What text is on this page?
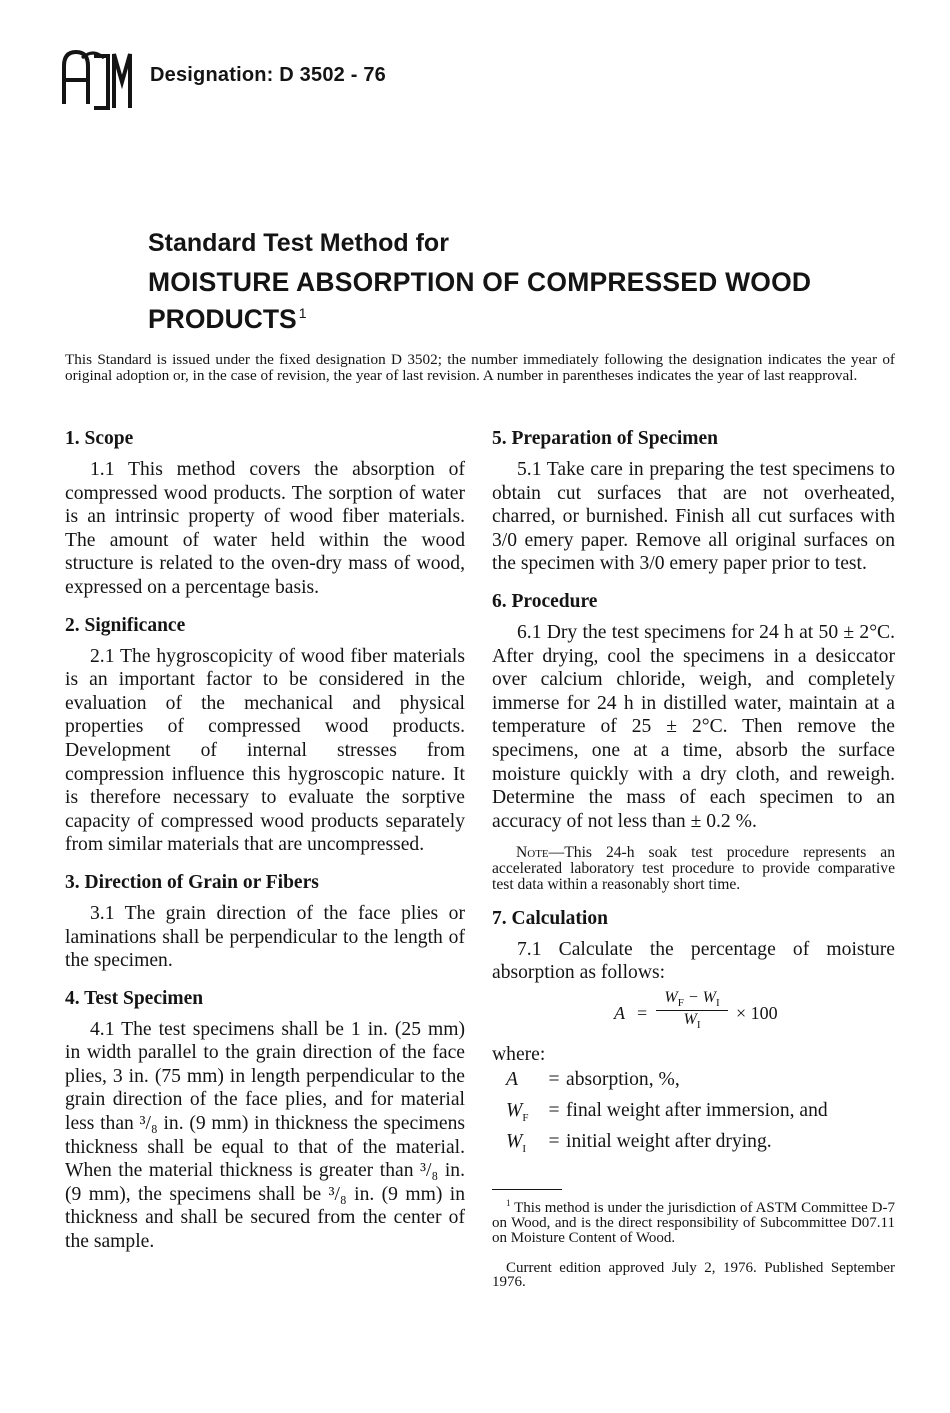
Designation: D 3502 - 76
Standard Test Method for
MOISTURE ABSORPTION OF COMPRESSED WOOD
PRODUCTS $^1$
This Standard is issued under the fixed designation D 3502; the number immediately following the designation indicates the year of original adoption or, in the case of revision, the year of last revision. A number in parentheses indicates the year of last reapproval.
1. Scope

1.1 This method covers the absorption of compressed wood products. The sorption of water is an intrinsic property of wood fiber materials. The amount of water held within the wood structure is related to the oven-dry mass of wood, expressed on a percentage basis.

2. Significance

2.1 The hygroscopicity of wood fiber materials is an important factor to be considered in the evaluation of the mechanical and physical properties of compressed wood products. Development of internal stresses from compression influence this hygroscopic nature. It is therefore necessary to evaluate the sorptive capacity of compressed wood products separately from similar materials that are uncompressed.

3. Direction of Grain or Fibers

3.1 The grain direction of the face plies or laminations shall be perpendicular to the length of the specimen.

4. Test Specimen

4.1 The test specimens shall be 1 in. (25 mm) in width parallel to the grain direction of the face plies, 3 in. (75 mm) in length perpendicular to the grain direction of the face plies, and for material less than ³/₈ in. (9 mm) in thickness the specimens thickness shall be equal to that of the material. When the material thickness is greater than ³/₈ in. (9 mm), the specimens shall be ³/₈ in. (9 mm) in thickness and shall be secured from the center of the sample.

5. Preparation of Specimen

5.1 Take care in preparing the test specimens to obtain cut surfaces that are not overheated, charred, or burnished. Finish all cut surfaces with 3/0 emery paper. Remove all original surfaces on the specimen with 3/0 emery paper prior to test.

6. Procedure

6.1 Dry the test specimens for 24 h at 50 ± 2°C. After drying, cool the specimens in a desiccator over calcium chloride, weigh, and completely immerse for 24 h in distilled water, maintain at a temperature of 25 ± 2°C. Then remove the specimens, one at a time, absorb the surface moisture quickly with a dry cloth, and reweigh. Determine the mass of each specimen to an accuracy of not less than ± 0.2 %.

Note—This 24-h soak test procedure represents an accelerated laboratory test procedure to provide comparative test data within a reasonably short time.

7. Calculation

7.1 Calculate the percentage of moisture absorption as follows:

$A = \frac{W_F - W_I}{W_I} \times 100$
where:
A	= absorption, %,
$W_F$	= final weight after immersion, and
$W_I$	= initial weight after drying.

$^1$ This method is under the jurisdiction of ASTM Committee D-7 on Wood, and is the direct responsibility of Subcommittee D07.11 on Moisture Content of Wood.

Current edition approved July 2, 1976. Published September 1976.
